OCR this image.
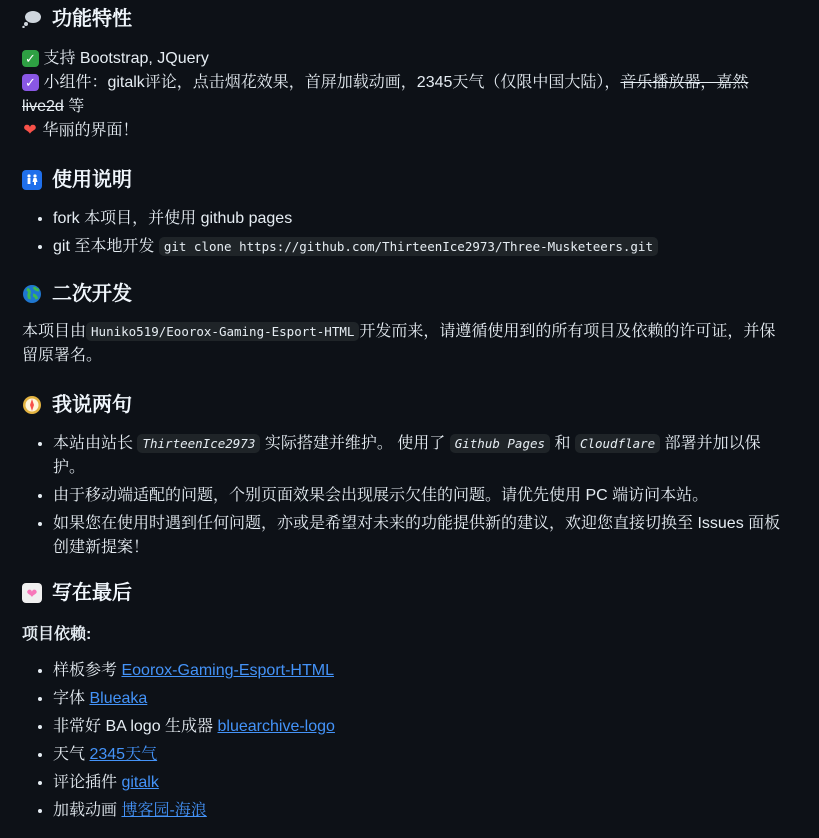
功能特性
✓ 支持 Bootstrap, JQuery
✓ 小组件：gitalk评论，点击烟花效果，首屏加载动画，2345天气（仅限中国大陆），音乐播放器，嘉然 live2d 等
❤ 华丽的界面！
使用说明
• fork 本项目，并使用 github pages
• git 至本地开发 git clone https://github.com/ThirteenIce2973/Three-Musketeers.git
二次开发

本项目由 Huniko519/Eoorox-Gaming-Esport-HTML 开发而来，请遵循使用到的所有项目及依赖的许可证，并保留原署名。

我说两句
• 本站由站长 ThirteenIce2973 实际搭建并维护。 使用了 Github Pages 和 Cloudflare 部署并加以保护。
• 由于移动端适配的问题，个别页面效果会出现展示欠佳的问题。请优先使用 PC 端访问本站。
• 如果您在使用时遇到任何问题，亦或是希望对未来的功能提供新的建议，欢迎您直接切换至 Issues 面板创建新提案！
❤ 写在最后

项目依赖:

• 样板参考 Eoorox-Gaming-Esport-HTML
• 字体 Blueaka
• 非常好 BA logo 生成器 bluearchive-logo
• 天气 2345天气
• 评论插件 gitalk
• 加载动画 博客园-海浪
